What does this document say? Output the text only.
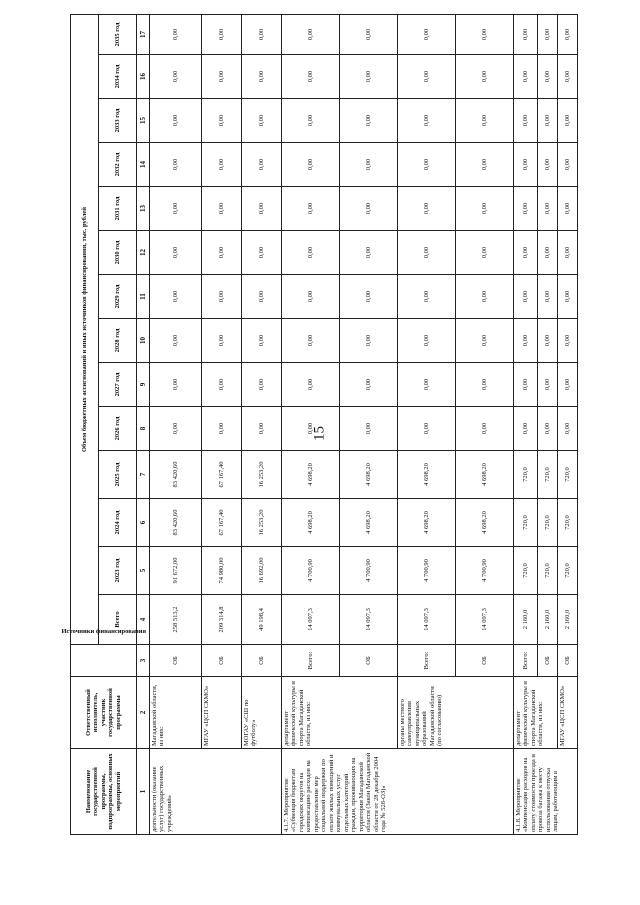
15
Наименование государственной программы, подпрограммы, основных мероприятий	Ответственный исполнитель, участник государственной программы	Источники финансирования	Объем бюджетных ассигнований и иных источников финансирования, тыс. рублей													
			Всего	2023 год	2024 год	2025 год	2026 год	2027 год	2028 год	2029 год	2030 год	2031 год	2032 год	2033 год	2034 год	2035 год
1	2	3	4	5	6	7	8	9	10	11	12	13	14	15	16	17
деятельности (оказание услуг) государственных учреждений»	Магаданской области, из них:	ОБ	258 513,2	91 672,00	83 420,60	83 420,60	0,00	0,00	0,00	0,00	0,00	0,00	0,00	0,00	0,00	0,00
	МГАУ «ЦСП СКМО»	ОБ	209 314,8	74 980,00	67 167,40	67 167,40	0,00	0,00	0,00	0,00	0,00	0,00	0,00	0,00	0,00	0,00
	МОГАУ «СШ по футболу»	ОБ	49 198,4	16 692,00	16 253,20	16 253,20	0,00	0,00	0,00	0,00	0,00	0,00	0,00	0,00	0,00	0,00
4.1.7. Мероприятие «Субвенция бюджетам городских округов на компенсацию расходов на предоставление мер социальной поддержки по оплате жилых помещений и коммунальных услуг отдельных категорий граждан, проживающих на территории Магаданской области (Закон Магаданской области от 28 декабря 2004 года № 528-ОЗ)»	департамент физической культуры и спорта Магаданской области, из них:	Всего:	14 097,3	4 700,90	4 698,20	4 698,20	0,00	0,00	0,00	0,00	0,00	0,00	0,00	0,00	0,00	0,00
		ОБ	14 097,3	4 700,90	4 698,20	4 698,20	0,00	0,00	0,00	0,00	0,00	0,00	0,00	0,00	0,00	0,00
	органы местного самоуправления муниципальных образований Магаданской области (по согласованию)	Всего:	14 097,3	4 700,90	4 698,20	4 698,20	0,00	0,00	0,00	0,00	0,00	0,00	0,00	0,00	0,00	0,00
		ОБ	14 097,3	4 700,90	4 698,20	4 698,20	0,00	0,00	0,00	0,00	0,00	0,00	0,00	0,00	0,00	0,00
4.1.8. Мероприятие «Компенсация расходов на оплату стоимости проезда и провоза багажа к месту использования отпуска лицам, работающим в	департамент физической культуры и спорта Магаданской области, из них:	Всего:	2 160,0	720,0	720,0	720,0	0,00	0,00	0,00	0,00	0,00	0,00	0,00	0,00	0,00	0,00
		ОБ	2 160,0	720,0	720,0	720,0	0,00	0,00	0,00	0,00	0,00	0,00	0,00	0,00	0,00	0,00
	МГАУ «ЦСП СКМО»	ОБ	2 160,0	720,0	720,0	720,0	0,00	0,00	0,00	0,00	0,00	0,00	0,00	0,00	0,00	0,00
